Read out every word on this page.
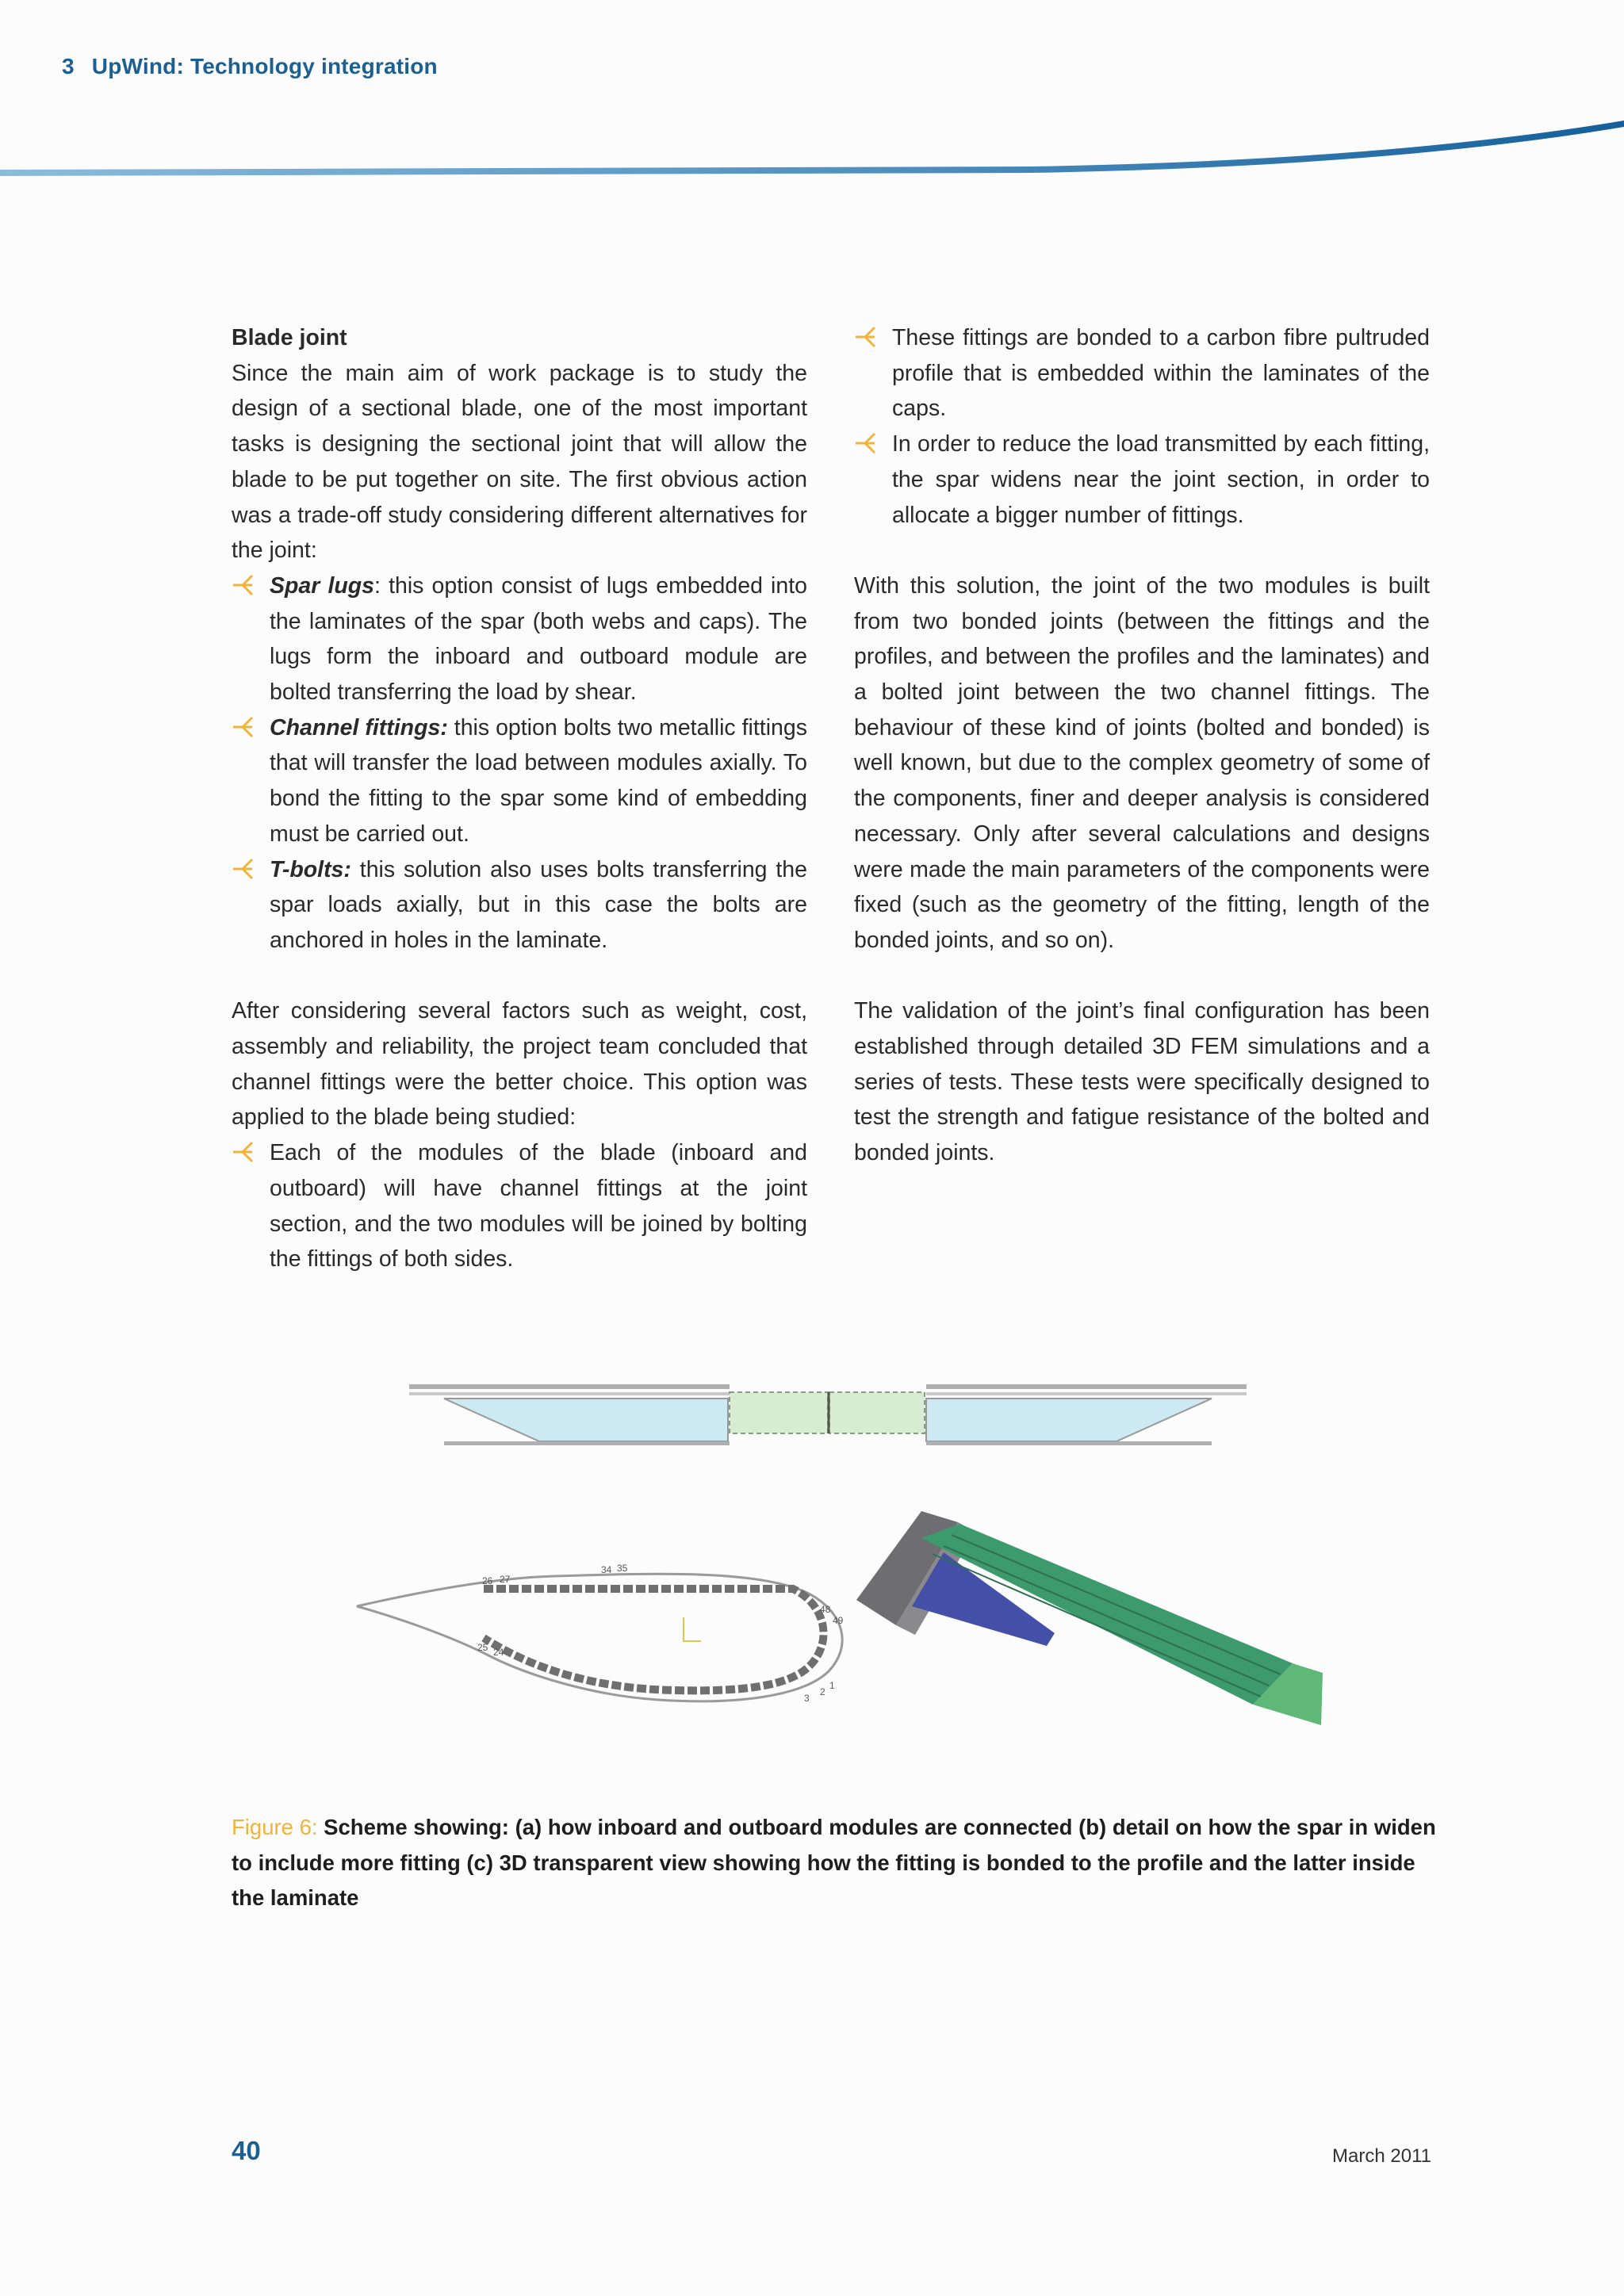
3 UpWind: Technology integration

Blade joint

Since the main aim of work package is to study the design of a sectional blade, one of the most important tasks is designing the sectional joint that will allow the blade to be put together on site. The first obvious action was a trade-off study considering different alternatives for the joint:

Spar lugs: this option consist of lugs embedded into the laminates of the spar (both webs and caps). The lugs form the inboard and outboard module are bolted transferring the load by shear.

Channel fittings: this option bolts two metallic fittings that will transfer the load between modules axially. To bond the fitting to the spar some kind of embedding must be carried out.

T-bolts: this solution also uses bolts transferring the spar loads axially, but in this case the bolts are anchored in holes in the laminate.

After considering several factors such as weight, cost, assembly and reliability, the project team concluded that channel fittings were the better choice. This option was applied to the blade being studied:

Each of the modules of the blade (inboard and outboard) will have channel fittings at the joint section, and the two modules will be joined by bolting the fittings of both sides.

These fittings are bonded to a carbon fibre pultruded profile that is embedded within the laminates of the caps.

In order to reduce the load transmitted by each fitting, the spar widens near the joint section, in order to allocate a bigger number of fittings.

With this solution, the joint of the two modules is built from two bonded joints (between the fittings and the profiles, and between the profiles and the laminates) and a bolted joint between the two channel fittings. The behaviour of these kind of joints (bolted and bonded) is well known, but due to the complex geometry of some of the components, finer and deeper analysis is considered necessary. Only after several calculations and designs were made the main parameters of the components were fixed (such as the geometry of the fitting, length of the bonded joints, and so on).

The validation of the joint’s final configuration has been established through detailed 3D FEM simulations and a series of tests. These tests were specifically designed to test the strength and fatigue resistance of the bolted and bonded joints.

26 27
34 35
48
49
25 24
3
2
1
Figure 6: Scheme showing: (a) how inboard and outboard modules are connected (b) detail on how the spar in widen to include more fitting (c) 3D transparent view showing how the fitting is bonded to the profile and the latter inside the laminate
40	March 2011
